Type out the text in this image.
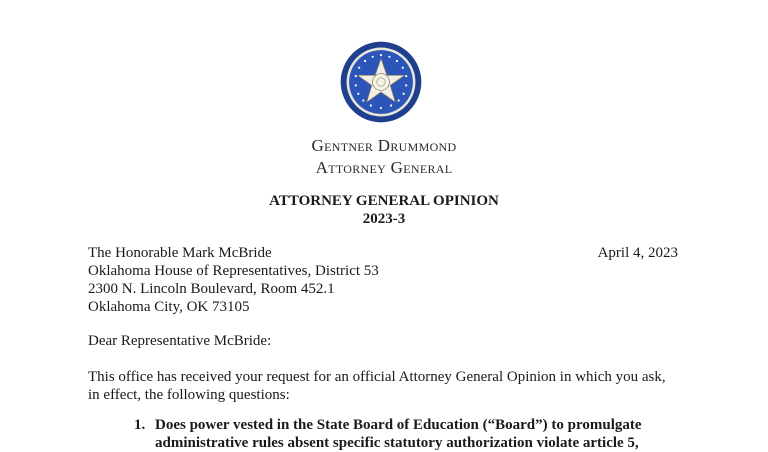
Gentner Drummond
Attorney General
ATTORNEY GENERAL OPINION
2023-3
The Honorable Mark McBride
Oklahoma House of Representatives, District 53
2300 N. Lincoln Boulevard, Room 452.1
Oklahoma City, OK 73105
April 4, 2023
Dear Representative McBride:
This office has received your request for an official Attorney General Opinion in which you ask,
in effect, the following questions:
1. Does power vested in the State Board of Education (“Board”) to promulgate
administrative rules absent specific statutory authorization violate article 5,
